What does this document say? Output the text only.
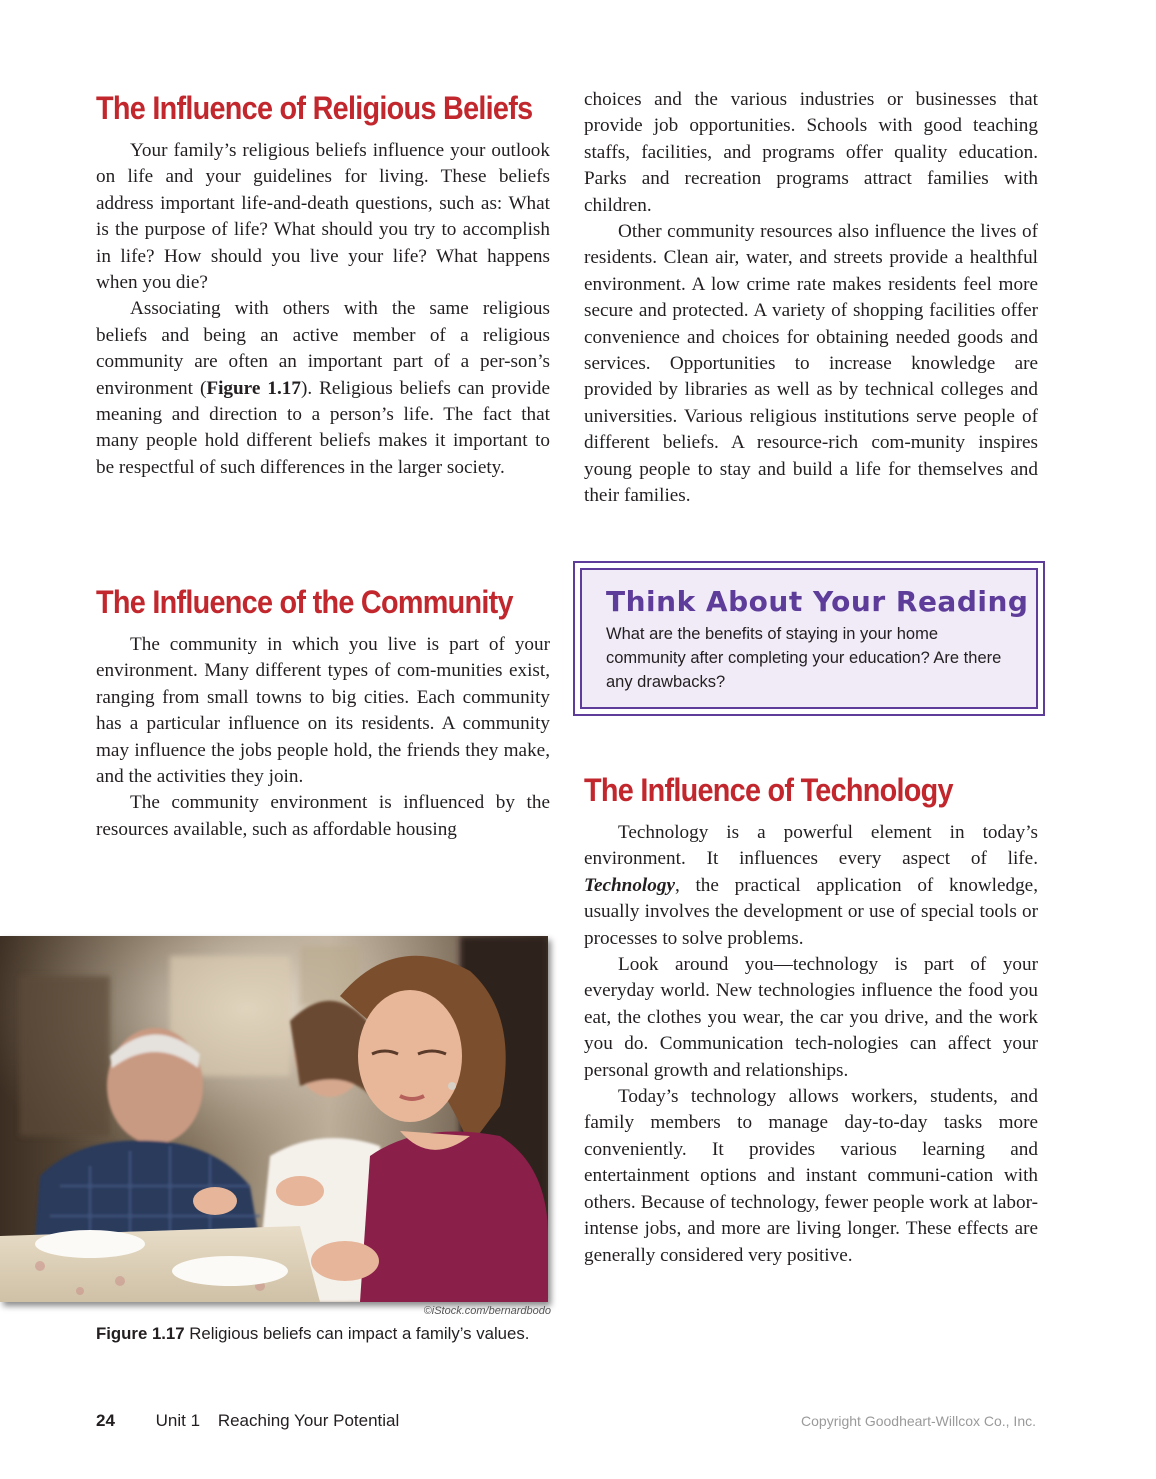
The Influence of Religious Beliefs

Your family’s religious beliefs influence your outlook on life and your guidelines for living. These beliefs address important life-and-death questions, such as: What is the purpose of life? What should you try to accomplish in life? How should you live your life? What happens when you die?

Associating with others with the same religious beliefs and being an active member of a religious community are often an important part of a per-son’s environment (Figure 1.17). Religious beliefs can provide meaning and direction to a person’s life. The fact that many people hold different beliefs makes it important to be respectful of such differences in the larger society.

The Influence of the Community

The community in which you live is part of your environment. Many different types of com-munities exist, ranging from small towns to big cities. Each community has a particular influence on its residents. A community may influence the jobs people hold, the friends they make, and the activities they join.

The community environment is influenced by the resources available, such as affordable housing

choices and the various industries or businesses that provide job opportunities. Schools with good teaching staffs, facilities, and programs offer quality education. Parks and recreation programs attract families with children.

Other community resources also influence the lives of residents. Clean air, water, and streets provide a healthful environment. A low crime rate makes residents feel more secure and protected. A variety of shopping facilities offer convenience and choices for obtaining needed goods and services. Opportunities to increase knowledge are provided by libraries as well as by technical colleges and universities. Various religious institutions serve people of different beliefs. A resource-rich com-munity inspires young people to stay and build a life for themselves and their families.

Think About Your Reading

What are the benefits of staying in your home community after completing your education? Are there any drawbacks?

The Influence of Technology

Technology is a powerful element in today’s environment. It influences every aspect of life. Technology, the practical application of knowledge, usually involves the development or use of special tools or processes to solve problems.

Look around you—technology is part of your everyday world. New technologies influence the food you eat, the clothes you wear, the car you drive, and the work you do. Communication tech-nologies can affect your personal growth and relationships.

Today’s technology allows workers, students, and family members to manage day-to-day tasks more conveniently. It provides various learning and entertainment options and instant communi-cation with others. Because of technology, fewer people work at labor-intense jobs, and more are living longer. These effects are generally considered very positive.

©iStock.com/bernardbodo
Figure 1.17 Religious beliefs can impact a family’s values.
24 Unit 1 Reaching Your Potential	Copyright Goodheart-Willcox Co., Inc.
